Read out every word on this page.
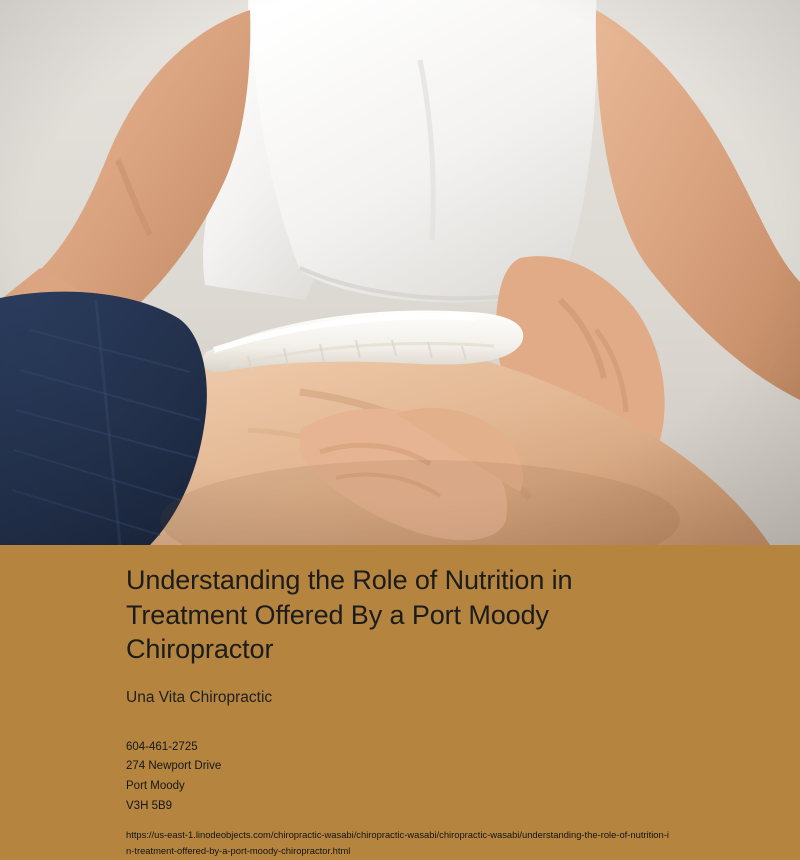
Understanding the Role of Nutrition in Treatment Offered By a Port Moody Chiropractor
Una Vita Chiropractic
604-461-2725
274 Newport Drive
Port Moody
V3H 5B9
https://us-east-1.linodeobjects.com/chiropractic-wasabi/chiropractic-wasabi/chiropractic-wasabi/understanding-the-role-of-nutrition-in-treatment-offered-by-a-port-moody-chiropractor.html
